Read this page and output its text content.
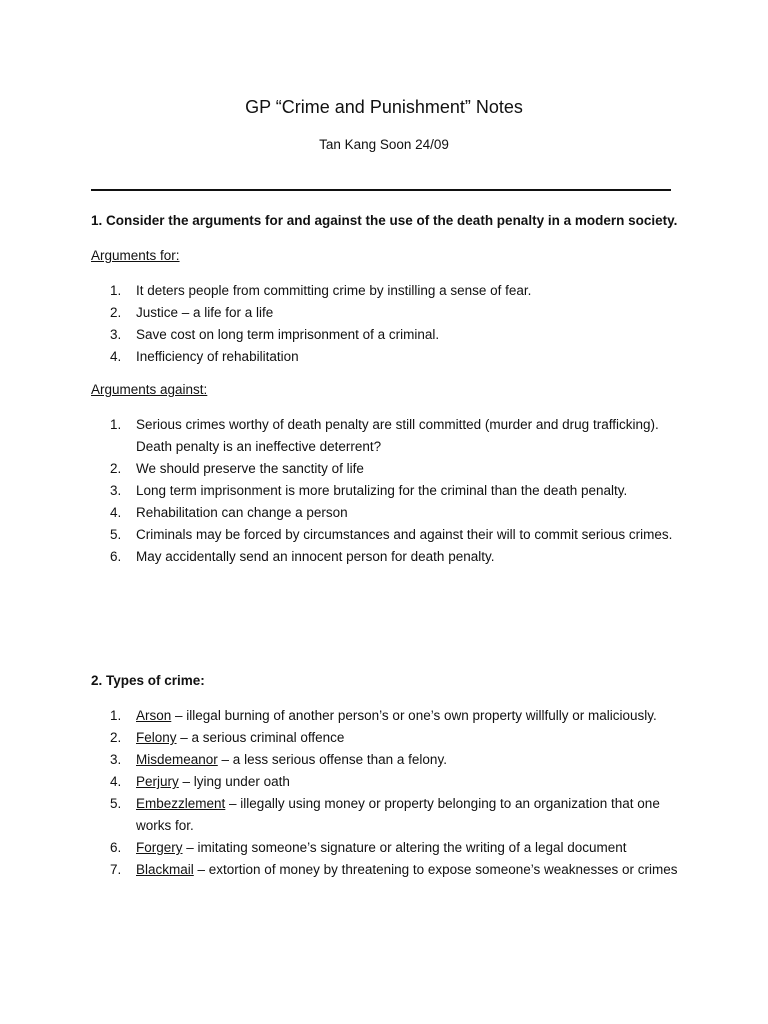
GP “Crime and Punishment” Notes
Tan Kang Soon 24/09
1. Consider the arguments for and against the use of the death penalty in a modern society.
Arguments for:
1. It deters people from committing crime by instilling a sense of fear.
2. Justice – a life for a life
3. Save cost on long term imprisonment of a criminal.
4. Inefficiency of rehabilitation
Arguments against:
1. Serious crimes worthy of death penalty are still committed (murder and drug trafficking). Death penalty is an ineffective deterrent?
2. We should preserve the sanctity of life
3. Long term imprisonment is more brutalizing for the criminal than the death penalty.
4. Rehabilitation can change a person
5. Criminals may be forced by circumstances and against their will to commit serious crimes.
6. May accidentally send an innocent person for death penalty.
2. Types of crime:
1. Arson – illegal burning of another person’s or one’s own property willfully or maliciously.
2. Felony – a serious criminal offence
3. Misdemeanor – a less serious offense than a felony.
4. Perjury – lying under oath
5. Embezzlement – illegally using money or property belonging to an organization that one works for.
6. Forgery – imitating someone’s signature or altering the writing of a legal document
7. Blackmail – extortion of money by threatening to expose someone’s weaknesses or crimes
